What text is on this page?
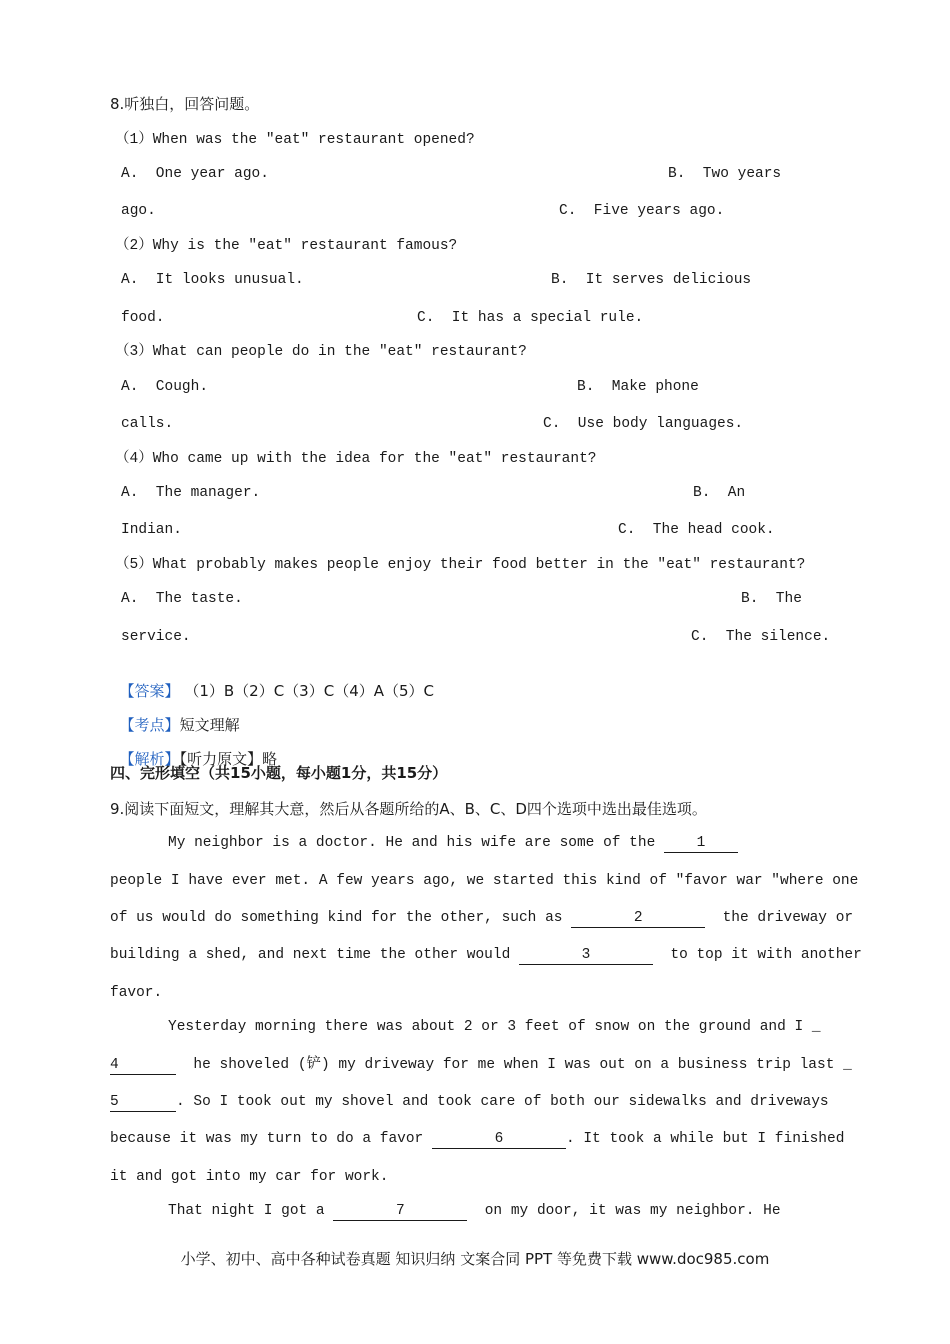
8.听独白，回答问题。
（1）When was the "eat" restaurant opened?
A.  One year ago.	B.  Two years
ago.	C.  Five years ago.
（2）Why is the "eat" restaurant famous?
A.  It looks unusual.	B.  It serves delicious
food.	C.  It has a special rule.
（3）What can people do in the "eat" restaurant?
A.  Cough.	B.  Make phone
calls.	C.  Use body languages.
（4）Who came up with the idea for the "eat" restaurant?
A.  The manager.	B.  An
Indian.	C.  The head cook.
（5）What probably makes people enjoy their food better in the "eat" restaurant?
A.  The taste.	B.  The
service.	C.  The silence.

【答案】 （1）B（2）C（3）C（4）A（5）C

【考点】短文理解

【解析】【听力原文】略

四、完形填空（共15小题，每小题1分，共15分）
9.阅读下面短文，理解其大意，然后从各题所给的A、B、C、D四个选项中选出最佳选项。
My neighbor is a doctor. He and his wife are some of the 1
people I have ever met. A few years ago, we started this kind of "favor war "where one
of us would do something kind for the other, such as	2	the driveway or
building a shed, and next time the other would	3	to top it with another
favor.
Yesterday morning there was about 2 or 3 feet of snow on the ground and I _
4	he shoveled (铲) my driveway for me when I was out on a business trip last _
5	. So I took out my shovel and took care of both our sidewalks and driveways
because it was my turn to do a favor	6	. It took a while but I finished
it and got into my car for work.
That night I got a	7	on my door, it was my neighbor. He
小学、初中、高中各种试卷真题 知识归纳 文案合同 PPT 等免费下载 www.doc985.com
